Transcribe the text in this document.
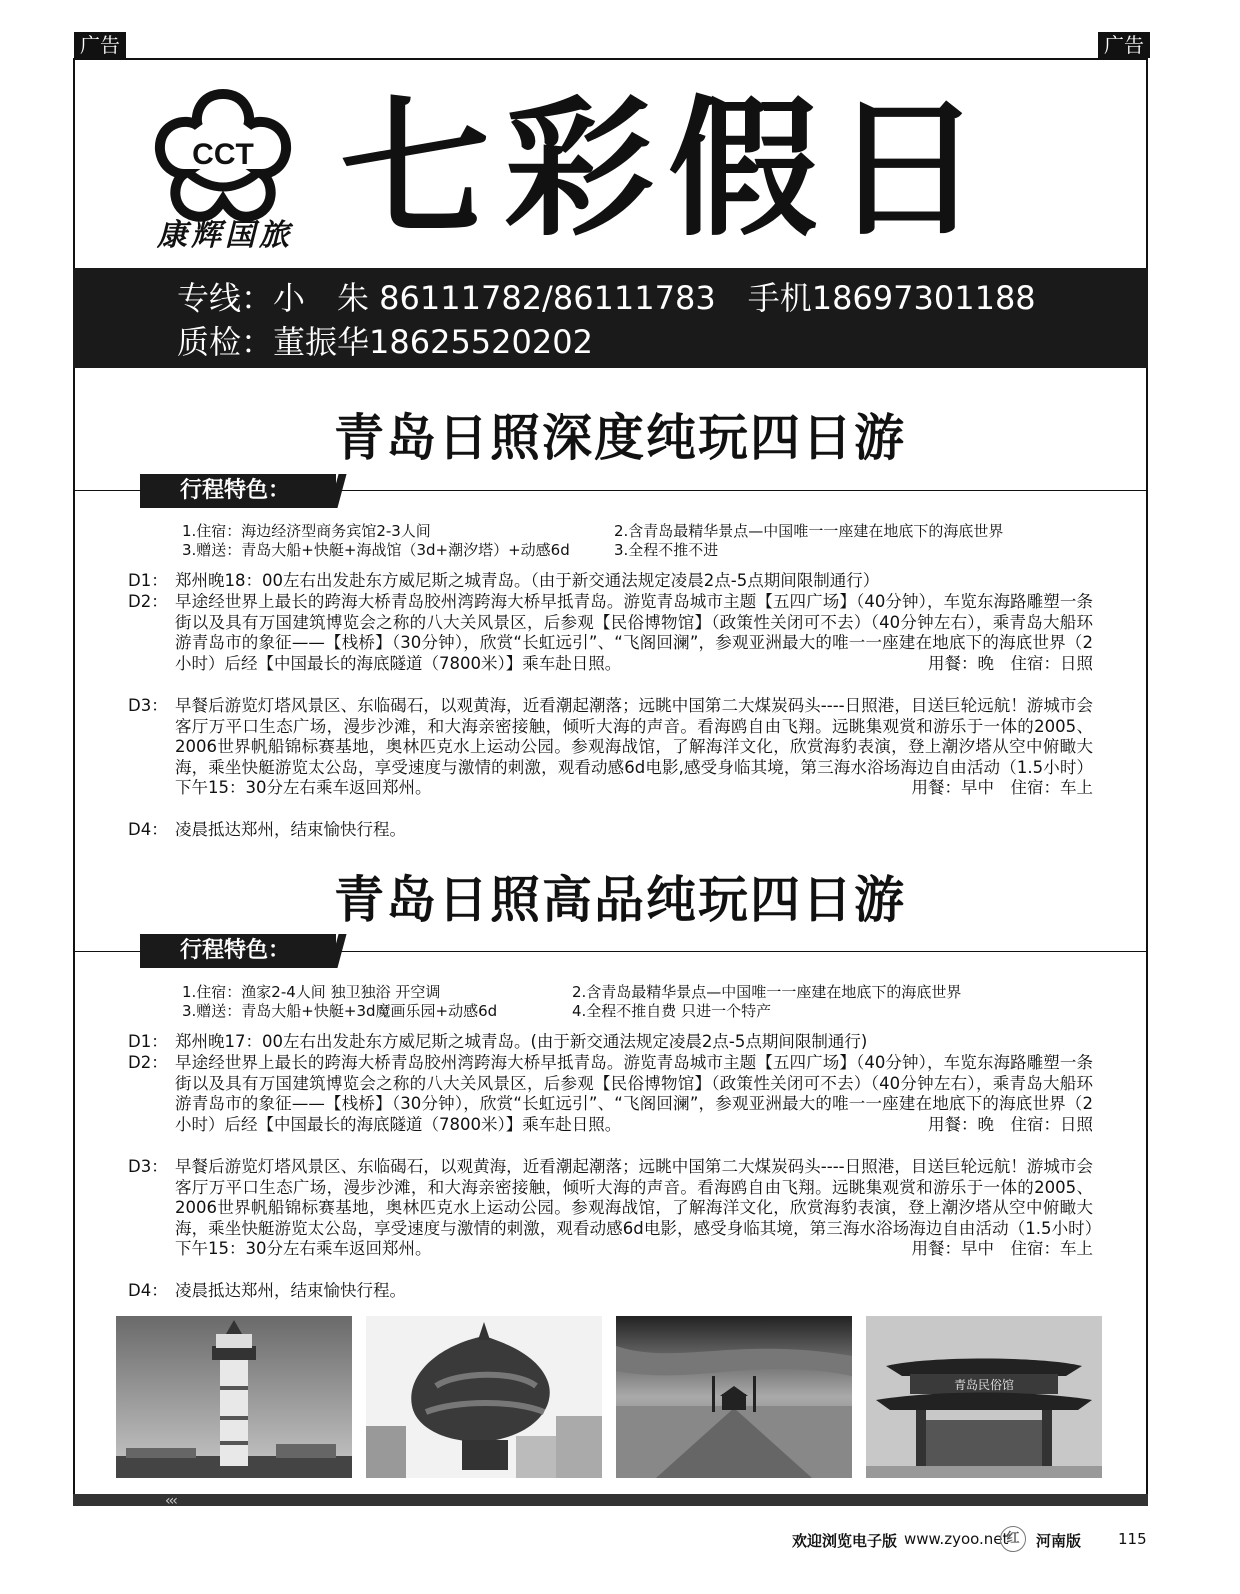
广告	广告
CCT
康辉国旅 七彩假日
专线：小　朱 86111782/86111783　手机18697301188
质检：董振华18625520202
青岛日照深度纯玩四日游
行程特色：
1.住宿：海边经济型商务宾馆2-3人间	2.含青岛最精华景点—中国唯一一座建在地底下的海底世界
3.赠送：青岛大船+快艇+海战馆（3d+潮汐塔）+动感6d	3.全程不推不进
D1： 郑州晚18：00左右出发赴东方威尼斯之城青岛。（由于新交通法规定凌晨2点-5点期间限制通行）
D2： 早途经世界上最长的跨海大桥青岛胶州湾跨海大桥早抵青岛。游览青岛城市主题【五四广场】（40分钟），车览东海路雕塑一条街以及具有万国建筑博览会之称的八大关风景区，后参观【民俗博物馆】（政策性关闭可不去）（40分钟左右），乘青岛大船环游青岛市的象征——【栈桥】（30分钟），欣赏“长虹远引”、“飞阁回澜”，参观亚洲最大的唯一一座建在地底下的海底世界（2小时）后经【中国最长的海底隧道（7800米）】乘车赴日照。	用餐：晚　住宿：日照
D3： 早餐后游览灯塔风景区、东临碣石，以观黄海，近看潮起潮落；远眺中国第二大煤炭码头----日照港，目送巨轮远航！游城市会客厅万平口生态广场，漫步沙滩，和大海亲密接触，倾听大海的声音。看海鸥自由飞翔。远眺集观赏和游乐于一体的2005、2006世界帆船锦标赛基地，奥林匹克水上运动公园。参观海战馆，了解海洋文化，欣赏海豹表演，登上潮汐塔从空中俯瞰大海，乘坐快艇游览太公岛，享受速度与激情的刺激，观看动感6d电影,感受身临其境，第三海水浴场海边自由活动（1.5小时）下午15：30分左右乘车返回郑州。	用餐：早中　住宿：车上
D4： 凌晨抵达郑州，结束愉快行程。
青岛日照高品纯玩四日游
行程特色：
1.住宿：渔家2-4人间 独卫独浴 开空调	2.含青岛最精华景点—中国唯一一座建在地底下的海底世界
3.赠送：青岛大船+快艇+3d魔画乐园+动感6d	4.全程不推自费 只进一个特产
D1： 郑州晚17：00左右出发赴东方威尼斯之城青岛。(由于新交通法规定凌晨2点-5点期间限制通行)
D2： 早途经世界上最长的跨海大桥青岛胶州湾跨海大桥早抵青岛。游览青岛城市主题【五四广场】（40分钟），车览东海路雕塑一条街以及具有万国建筑博览会之称的八大关风景区，后参观【民俗博物馆】（政策性关闭可不去）（40分钟左右），乘青岛大船环游青岛市的象征——【栈桥】（30分钟），欣赏“长虹远引”、“飞阁回澜”，参观亚洲最大的唯一一座建在地底下的海底世界（2小时）后经【中国最长的海底隧道（7800米）】乘车赴日照。	用餐：晚　住宿：日照
D3： 早餐后游览灯塔风景区、东临碣石，以观黄海，近看潮起潮落；远眺中国第二大煤炭码头----日照港，目送巨轮远航！游城市会客厅万平口生态广场，漫步沙滩，和大海亲密接触，倾听大海的声音。看海鸥自由飞翔。远眺集观赏和游乐于一体的2005、2006世界帆船锦标赛基地，奥林匹克水上运动公园。参观海战馆，了解海洋文化，欣赏海豹表演，登上潮汐塔从空中俯瞰大海，乘坐快艇游览太公岛，享受速度与激情的刺激，观看动感6d电影，感受身临其境，第三海水浴场海边自由活动（1.5小时）下午15：30分左右乘车返回郑州。	用餐：早中　住宿：车上
D4： 凌晨抵达郑州，结束愉快行程。
青岛民俗馆
‹‹‹
欢迎浏览电子版 www.zyoo.net
红	河南版 115
